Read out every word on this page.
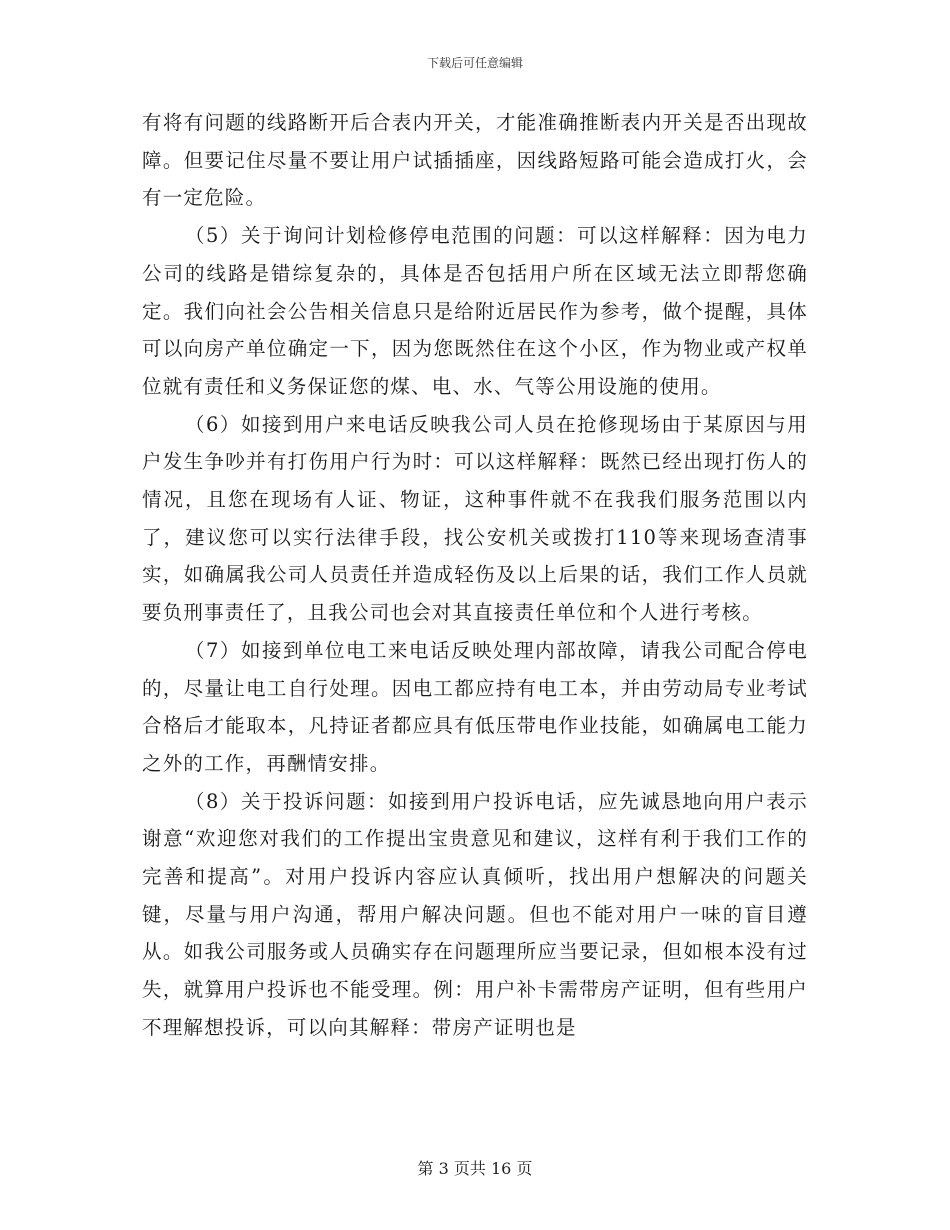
下载后可任意编辑

有将有问题的线路断开后合表内开关，才能准确推断表内开关是否出现故障。但要记住尽量不要让用户试插插座，因线路短路可能会造成打火，会有一定危险。

（5）关于询问计划检修停电范围的问题：可以这样解释：因为电力公司的线路是错综复杂的，具体是否包括用户所在区域无法立即帮您确定。我们向社会公告相关信息只是给附近居民作为参考，做个提醒，具体可以向房产单位确定一下，因为您既然住在这个小区，作为物业或产权单位就有责任和义务保证您的煤、电、水、气等公用设施的使用。

（6）如接到用户来电话反映我公司人员在抢修现场由于某原因与用户发生争吵并有打伤用户行为时：可以这样解释：既然已经出现打伤人的情况，且您在现场有人证、物证，这种事件就不在我我们服务范围以内了，建议您可以实行法律手段，找公安机关或拨打110等来现场查清事实，如确属我公司人员责任并造成轻伤及以上后果的话，我们工作人员就要负刑事责任了，且我公司也会对其直接责任单位和个人进行考核。

（7）如接到单位电工来电话反映处理内部故障，请我公司配合停电的，尽量让电工自行处理。因电工都应持有电工本，并由劳动局专业考试合格后才能取本，凡持证者都应具有低压带电作业技能，如确属电工能力之外的工作，再酬情安排。

（8）关于投诉问题：如接到用户投诉电话，应先诚恳地向用户表示谢意“欢迎您对我们的工作提出宝贵意见和建议，这样有利于我们工作的完善和提高”。对用户投诉内容应认真倾听，找出用户想解决的问题关键，尽量与用户沟通，帮用户解决问题。但也不能对用户一味的盲目遵从。如我公司服务或人员确实存在问题理所应当要记录，但如根本没有过失，就算用户投诉也不能受理。例：用户补卡需带房产证明，但有些用户不理解想投诉，可以向其解释：带房产证明也是

第 3 页共 16 页
